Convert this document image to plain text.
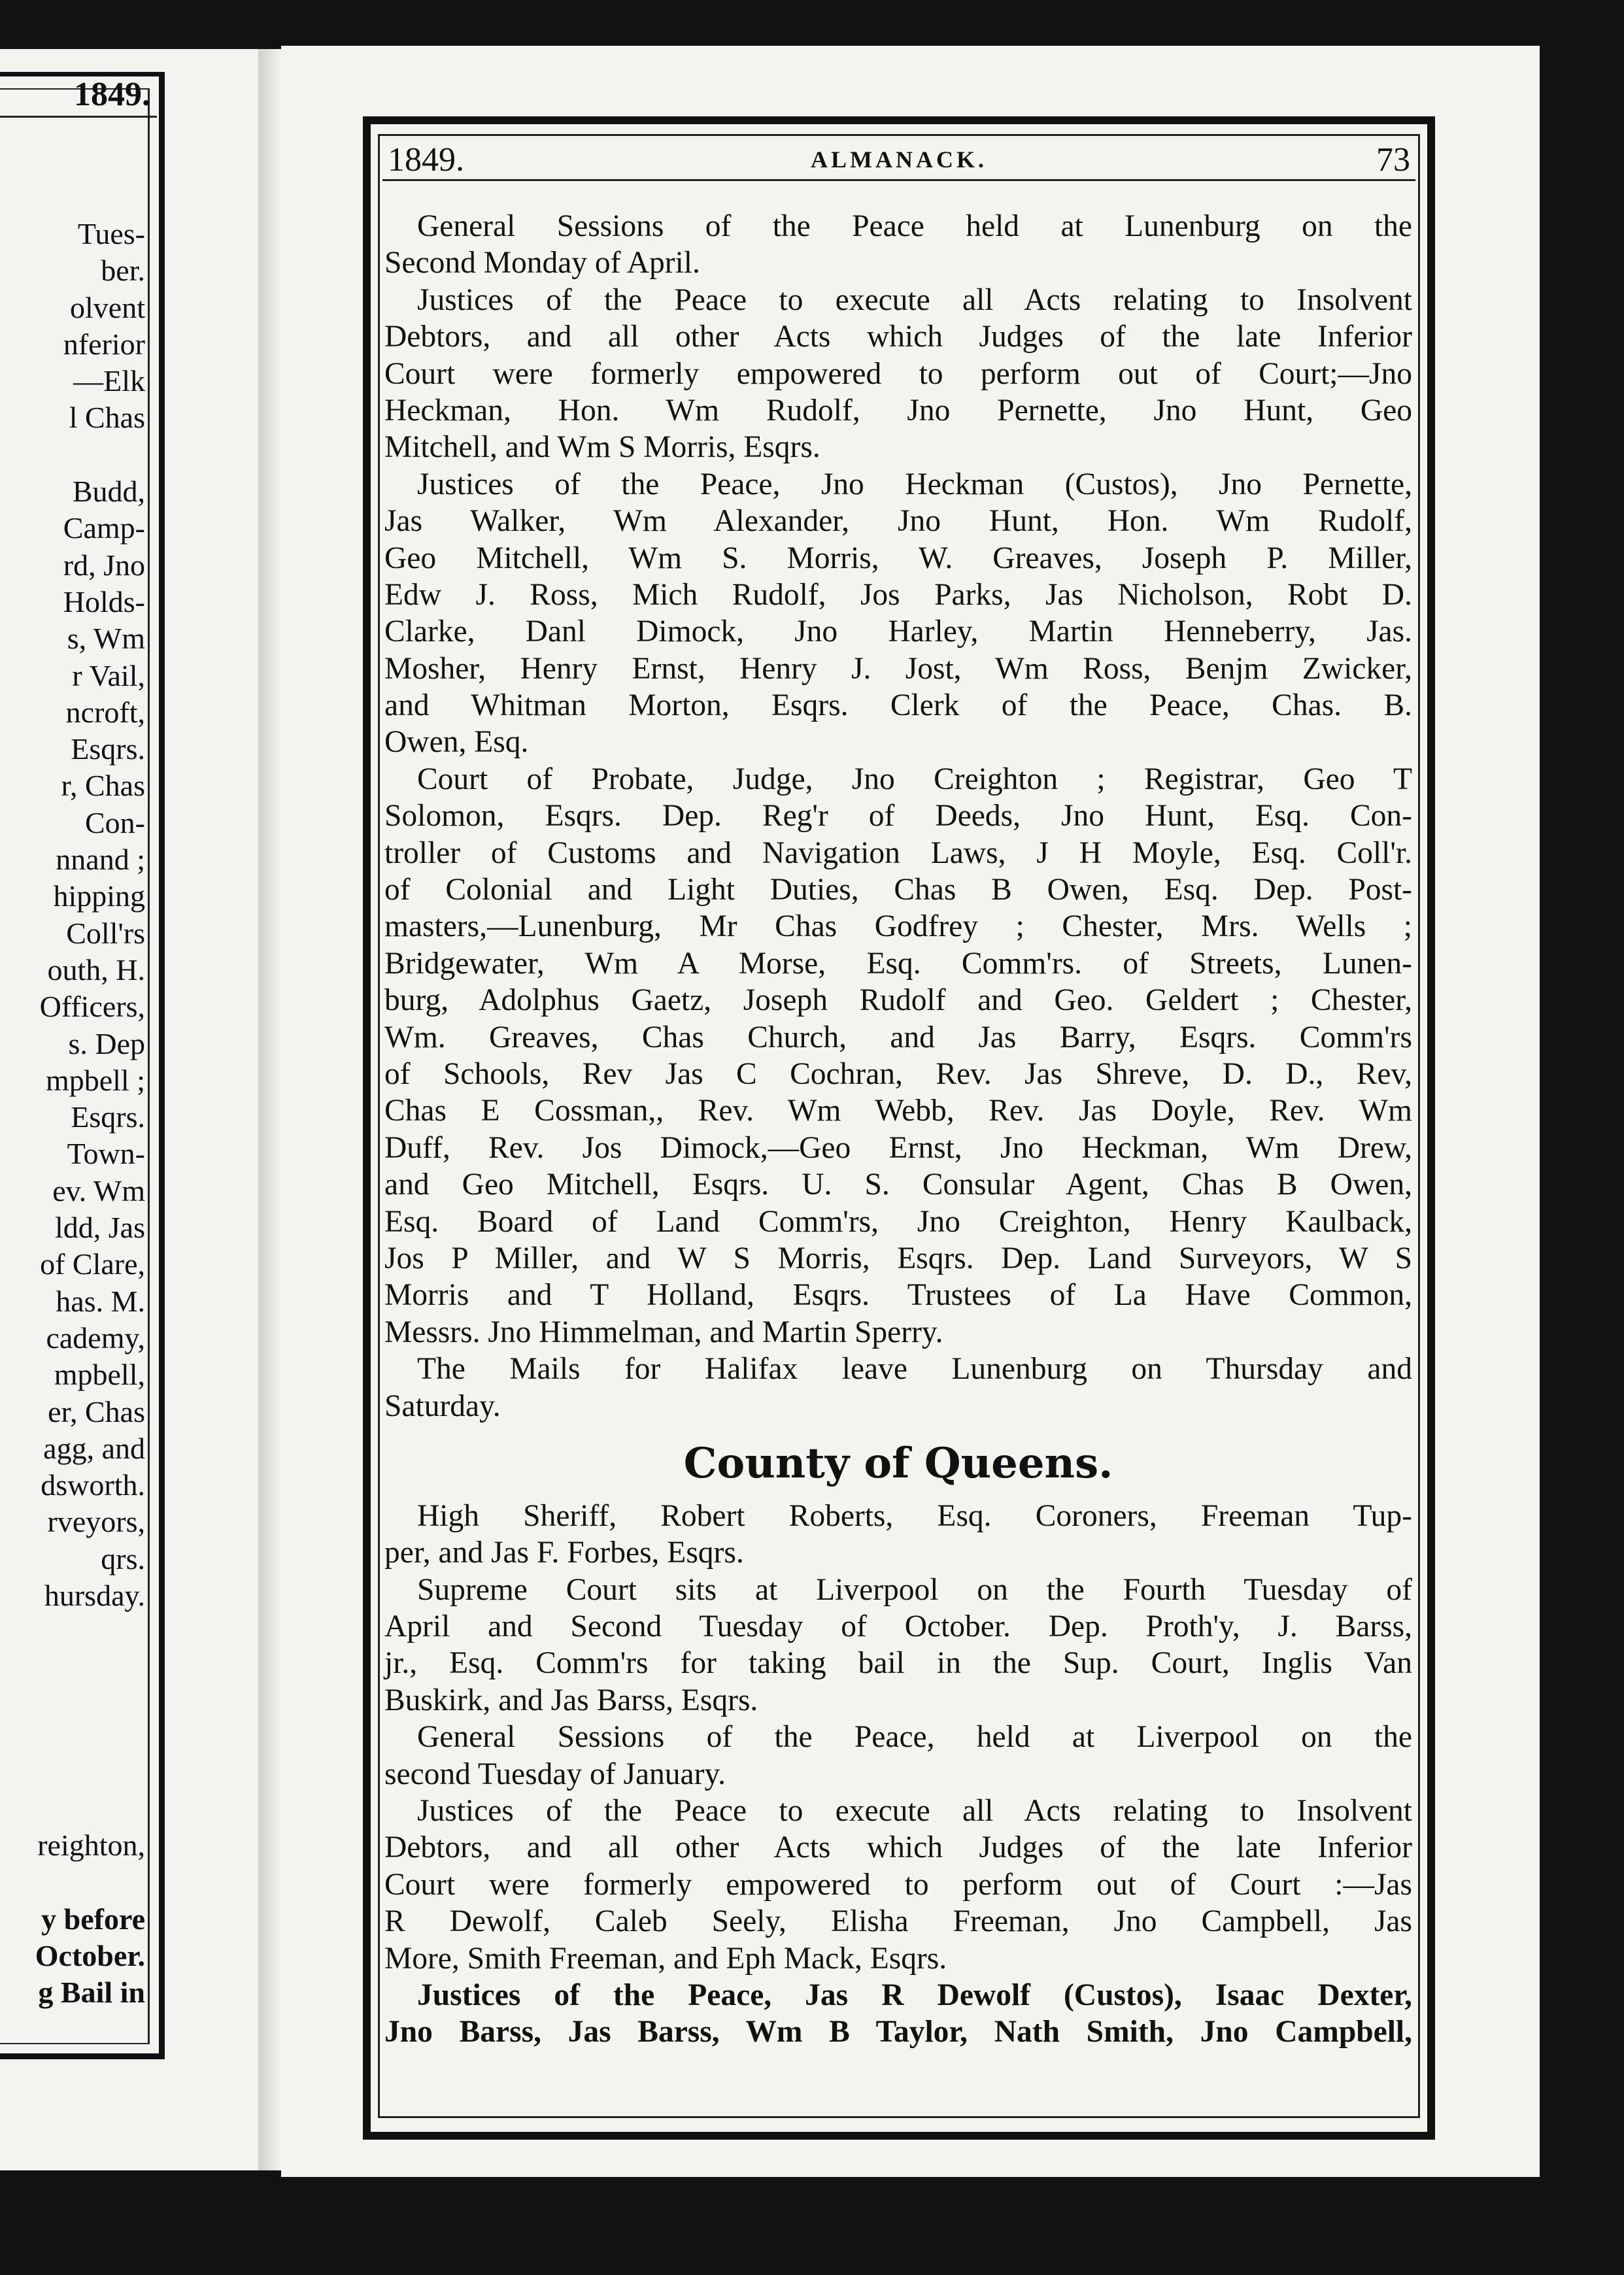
1849.
Tues-
ber.
olvent
nferior
—Elk
l Chas
Budd,
Camp-
rd, Jno
Holds-
s, Wm
r Vail,
ncroft,
Esqrs.
r, Chas
Con-
nnand ;
hipping
Coll'rs
outh, H.
Officers,
s. Dep
mpbell ;
Esqrs.
Town-
ev. Wm
ldd, Jas
of Clare,
has. M.
cademy,
mpbell,
er, Chas
agg, and
dsworth.
rveyors,
qrs.
hursday.
reighton,
y before
October.
g Bail in
1849.	ALMANACK.	73
General Sessions of the Peace held at Lunenburg on the
Second Monday of April.
Justices of the Peace to execute all Acts relating to Insolvent
Debtors, and all other Acts which Judges of the late Inferior
Court were formerly empowered to perform out of Court;—Jno
Heckman, Hon. Wm Rudolf, Jno Pernette, Jno Hunt, Geo
Mitchell, and Wm S Morris, Esqrs.
Justices of the Peace, Jno Heckman (Custos), Jno Pernette,
Jas Walker, Wm Alexander, Jno Hunt, Hon. Wm Rudolf,
Geo Mitchell, Wm S. Morris, W. Greaves, Joseph P. Miller,
Edw J. Ross, Mich Rudolf, Jos Parks, Jas Nicholson, Robt D.
Clarke, Danl Dimock, Jno Harley, Martin Henneberry, Jas.
Mosher, Henry Ernst, Henry J. Jost, Wm Ross, Benjm Zwicker,
and Whitman Morton, Esqrs. Clerk of the Peace, Chas. B.
Owen, Esq.
Court of Probate, Judge, Jno Creighton ; Registrar, Geo T
Solomon, Esqrs. Dep. Reg'r of Deeds, Jno Hunt, Esq. Con-
troller of Customs and Navigation Laws, J H Moyle, Esq. Coll'r.
of Colonial and Light Duties, Chas B Owen, Esq. Dep. Post-
masters,—Lunenburg, Mr Chas Godfrey ; Chester, Mrs. Wells ;
Bridgewater, Wm A Morse, Esq. Comm'rs. of Streets, Lunen-
burg, Adolphus Gaetz, Joseph Rudolf and Geo. Geldert ; Chester,
Wm. Greaves, Chas Church, and Jas Barry, Esqrs. Comm'rs
of Schools, Rev Jas C Cochran, Rev. Jas Shreve, D. D., Rev,
Chas E Cossman,, Rev. Wm Webb, Rev. Jas Doyle, Rev. Wm
Duff, Rev. Jos Dimock,—Geo Ernst, Jno Heckman, Wm Drew,
and Geo Mitchell, Esqrs. U. S. Consular Agent, Chas B Owen,
Esq. Board of Land Comm'rs, Jno Creighton, Henry Kaulback,
Jos P Miller, and W S Morris, Esqrs. Dep. Land Surveyors, W S
Morris and T Holland, Esqrs. Trustees of La Have Common,
Messrs. Jno Himmelman, and Martin Sperry.
The Mails for Halifax leave Lunenburg on Thursday and
Saturday.
County of Queens.
High Sheriff, Robert Roberts, Esq. Coroners, Freeman Tup-
per, and Jas F. Forbes, Esqrs.
Supreme Court sits at Liverpool on the Fourth Tuesday of
April and Second Tuesday of October. Dep. Proth'y, J. Barss,
jr., Esq. Comm'rs for taking bail in the Sup. Court, Inglis Van
Buskirk, and Jas Barss, Esqrs.
General Sessions of the Peace, held at Liverpool on the
second Tuesday of January.
Justices of the Peace to execute all Acts relating to Insolvent
Debtors, and all other Acts which Judges of the late Inferior
Court were formerly empowered to perform out of Court :—Jas
R Dewolf, Caleb Seely, Elisha Freeman, Jno Campbell, Jas
More, Smith Freeman, and Eph Mack, Esqrs.
Justices of the Peace, Jas R Dewolf (Custos), Isaac Dexter,
Jno Barss, Jas Barss, Wm B Taylor, Nath Smith, Jno Campbell,
